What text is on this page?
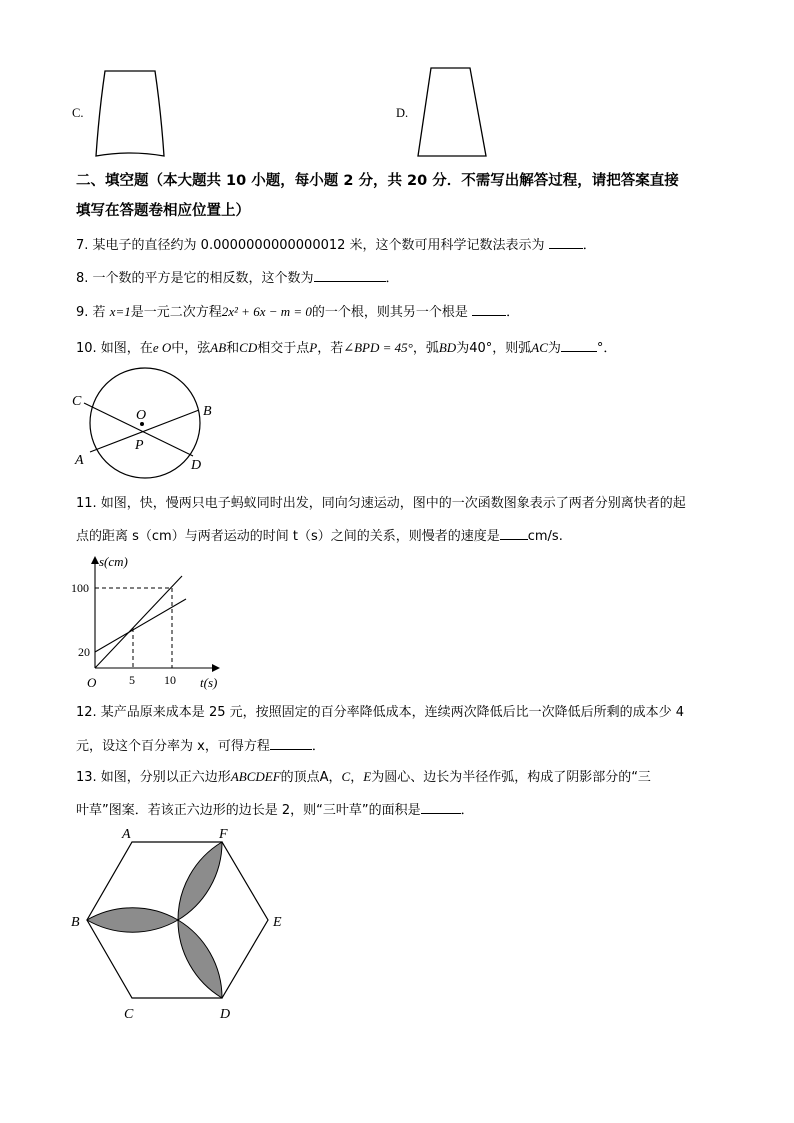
C.	D.
二、填空题（本大题共 10 小题，每小题 2 分，共 20 分．不需写出解答过程，请把答案直接
填写在答题卷相应位置上）
7. 某电子的直径约为 0.0000000000000012 米，这个数可用科学记数法表示为	．
8. 一个数的平方是它的相反数，这个数为	．
9. 若 x=1是一元二次方程2x² + 6x − m = 0的一个根，则其另一个根是	．
10. 如图，在e O中，弦AB和CD相交于点P，若∠BPD = 45°，弧BD为40°，则弧AC为	°．
C
O	B
A
P
D
11. 如图，快，慢两只电子蚂蚁同时出发，同向匀速运动，图中的一次函数图象表示了两者分别离快者的起
点的距离 s（cm）与两者运动的时间 t（s）之间的关系，则慢者的速度是 cm/s.
s(cm)
t(s)
O
100
20
5 10
12. 某产品原来成本是 25 元，按照固定的百分率降低成本，连续两次降低后比一次降低后所剩的成本少 4
元，设这个百分率为 x，可得方程	．
13. 如图，分别以正六边形ABCDEF的顶点A，C，E为圆心、边长为半径作弧，构成了阴影部分的“三
叶草”图案．若该正六边形的边长是 2，则“三叶草”的面积是	．
A	F
B	E
C	D
